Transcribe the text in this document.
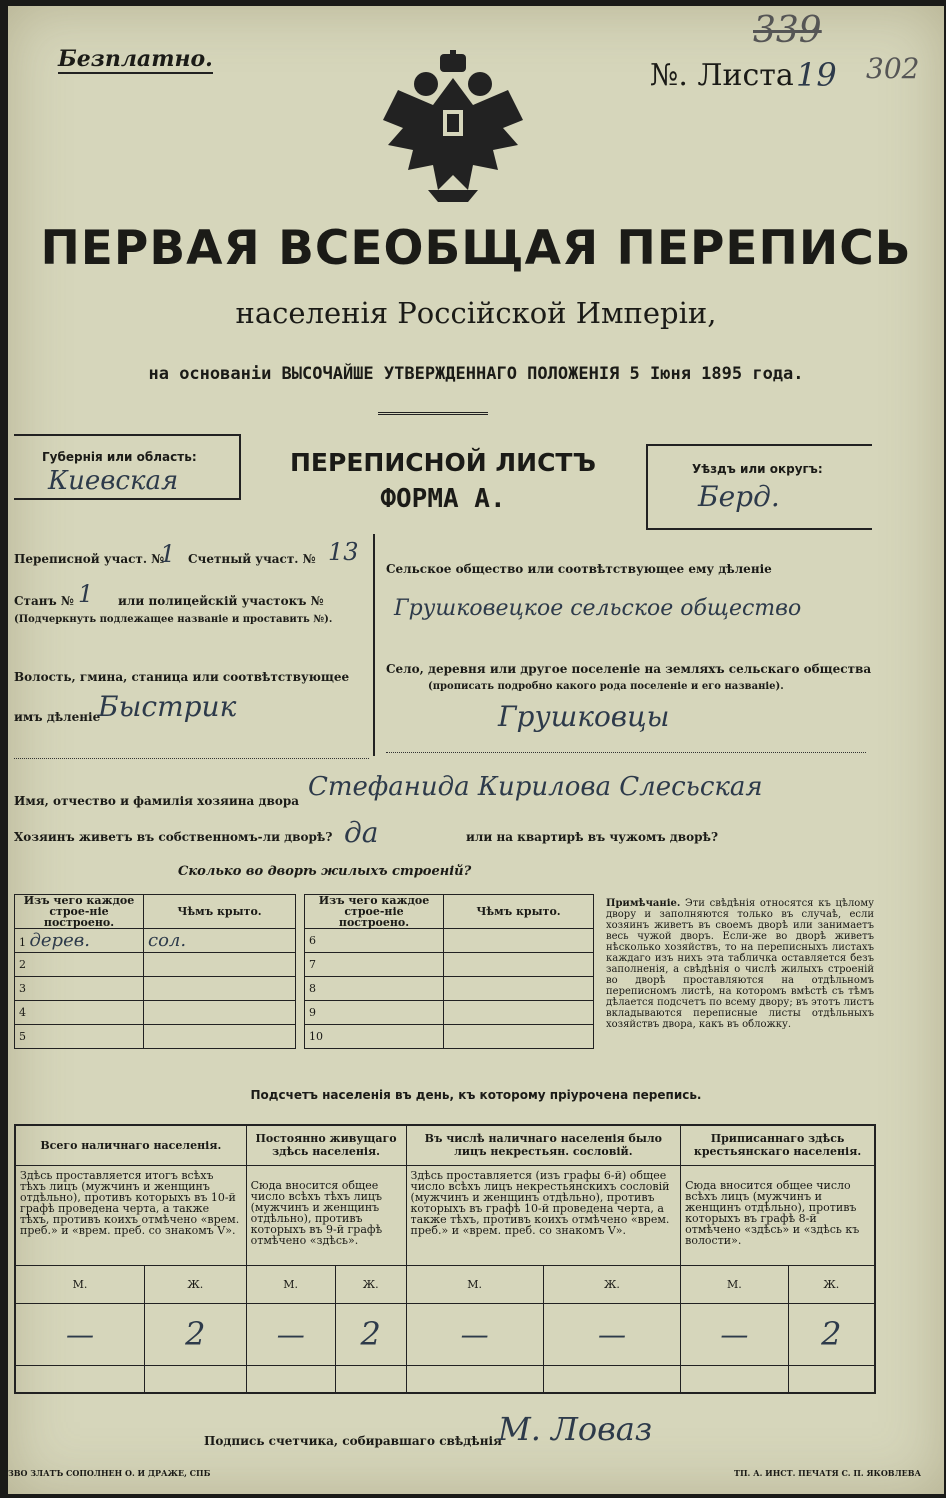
Безплатно.	№. Листа 19
339
302
ПЕРВАЯ ВСЕОБЩАЯ ПЕРЕПИСЬ
населенія Россійской Имперіи,
на основаніи ВЫСОЧАЙШЕ УТВЕРЖДЕННАГО ПОЛОЖЕНІЯ 5 Іюня 1895 года.
Губернія или область:
Киевская
ПЕРЕПИСНОЙ ЛИСТЪ
ФОРМА А.
Уѣздъ или округъ:
Берд.
Переписной участ. №
1 Счетный участ. № 13
Станъ № 1 или полицейскій участокъ №
(Подчеркнуть подлежащее названіе и проставить №).
Волость, гмина, станица или соотвѣтствующее
имъ дѣленіе
Быстрик
Сельское общество или соотвѣтствующее ему дѣленіе
Грушковецкое сельское общество
Село, деревня или другое поселеніе на земляхъ сельскаго общества
(прописать подробно какого рода поселеніе и его названіе).
Грушковцы
Имя, отчество и фамилія хозяина двора Стефанида Кирилова Слесьская
Хозяинъ живетъ въ собственномъ-ли дворѣ? да	или на квартирѣ въ чужомъ дворѣ?
Сколько во дворѣ жилыхъ строеній?
Изъ чего каждое строе-ніе построено.	Чѣмъ крыто.
1 дерев.	сол.
2	
3	
4	
5	
Изъ чего каждое строе-ніе построено.	Чѣмъ крыто.
6	
7	
8	
9	
10	
Примѣчаніе. Эти свѣдѣнія относятся къ цѣлому двору и заполняются только въ случаѣ, если хозяинъ живетъ въ своемъ дворѣ или занимаетъ весь чужой дворъ. Если-же во дворѣ живетъ нѣсколько хозяйствъ, то на переписныхъ листахъ каждаго изъ нихъ эта табличка оставляется безъ заполненія, а свѣдѣнія о числѣ жилыхъ строеній во дворѣ проставляются на отдѣльномъ переписномъ листѣ, на которомъ вмѣстѣ съ тѣмъ дѣлается подсчетъ по всему двору; въ этотъ листъ вкладываются переписные листы отдѣльныхъ хозяйствъ двора, какъ въ обложку.
Подсчетъ населенія въ день, къ которому пріурочена перепись.
Всего наличнаго населенія.		Постоянно живущаго здѣсь населенія.		Въ числѣ наличнаго населенія было лицъ некрестьян. сословій.		Приписаннаго здѣсь крестьянскаго населенія.	
Здѣсь проставляется итогъ всѣхъ тѣхъ лицъ (мужчинъ и женщинъ отдѣльно), противъ которыхъ въ 10-й графѣ проведена черта, а также тѣхъ, противъ коихъ отмѣчено «врем. преб.» и «врем. преб. со знакомъ V».		Сюда вносится общее число всѣхъ тѣхъ лицъ (мужчинъ и женщинъ отдѣльно), противъ которыхъ въ 9-й графѣ отмѣчено «здѣсь».		Здѣсь проставляется (изъ графы 6-й) общее число всѣхъ лицъ некрестьянскихъ сословій (мужчинъ и женщинъ отдѣльно), противъ которыхъ въ графѣ 10-й проведена черта, а также тѣхъ, противъ коихъ отмѣчено «врем. преб.» и «врем. преб. со знакомъ V».		Сюда вносится общее число всѣхъ лицъ (мужчинъ и женщинъ отдѣльно), противъ которыхъ въ графѣ 8-й отмѣчено «здѣсь» и «здѣсь къ волости».	
М.	Ж.	М.	Ж.	М.	Ж.	М.	Ж.
—	2	—	2	—	—	—	2

Подпись счетчика, собиравшаго свѣдѣнія
М. Ловаз
ЗВО ЗЛАТЪ СОПОЛНЕН О. И ДРАЖЕ, СПБ	ТП. А. ИНСТ. ПЕЧАТЯ С. П. ЯКОВЛЕВА
